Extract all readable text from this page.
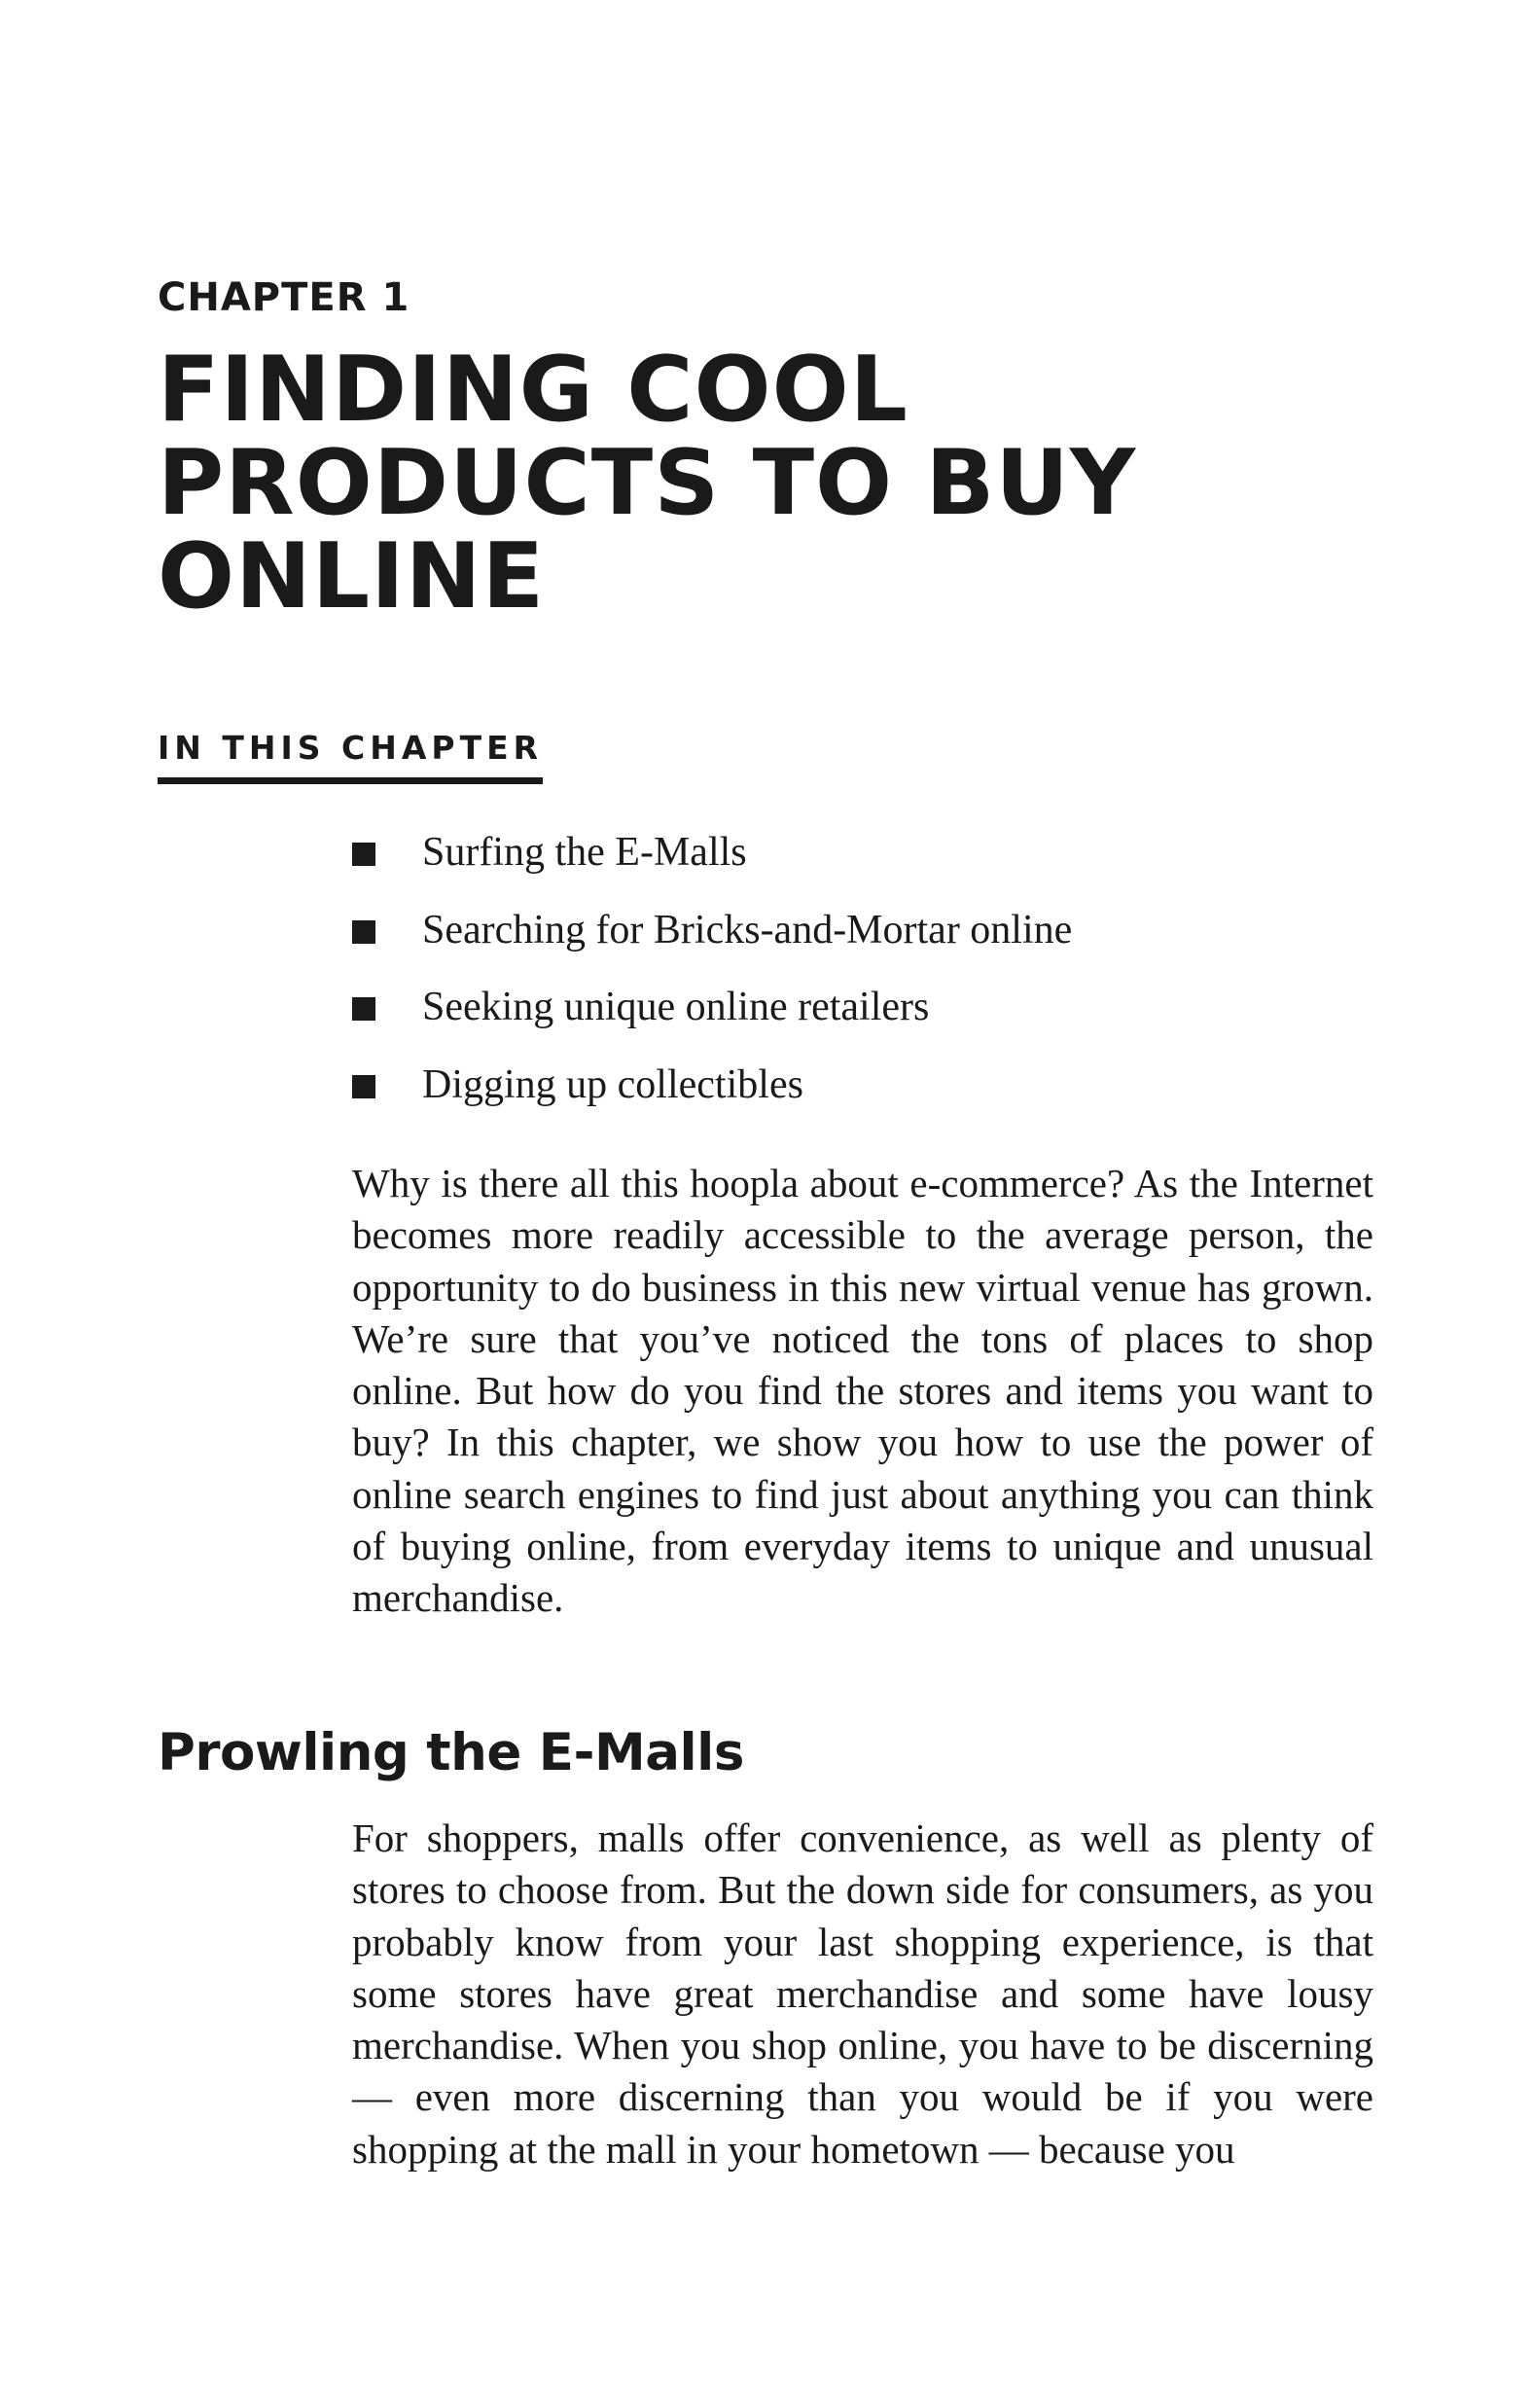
CHAPTER 1
FINDING COOL
PRODUCTS TO BUY
ONLINE
IN THIS CHAPTER
Surfing the E-Malls
Searching for Bricks-and-Mortar online
Seeking unique online retailers
Digging up collectibles

Why is there all this hoopla about e-commerce? As the Internet becomes more readily accessible to the average person, the opportunity to do business in this new virtual venue has grown. We’re sure that you’ve noticed the tons of places to shop online. But how do you find the stores and items you want to buy? In this chapter, we show you how to use the power of online search engines to find just about anything you can think of buying online, from everyday items to unique and unusual merchandise.

Prowling the E-Malls

For shoppers, malls offer convenience, as well as plenty of stores to choose from. But the down side for consumers, as you probably know from your last shopping experience, is that some stores have great merchandise and some have lousy merchandise. When you shop online, you have to be discerning — even more discerning than you would be if you were shopping at the mall in your hometown — because you
